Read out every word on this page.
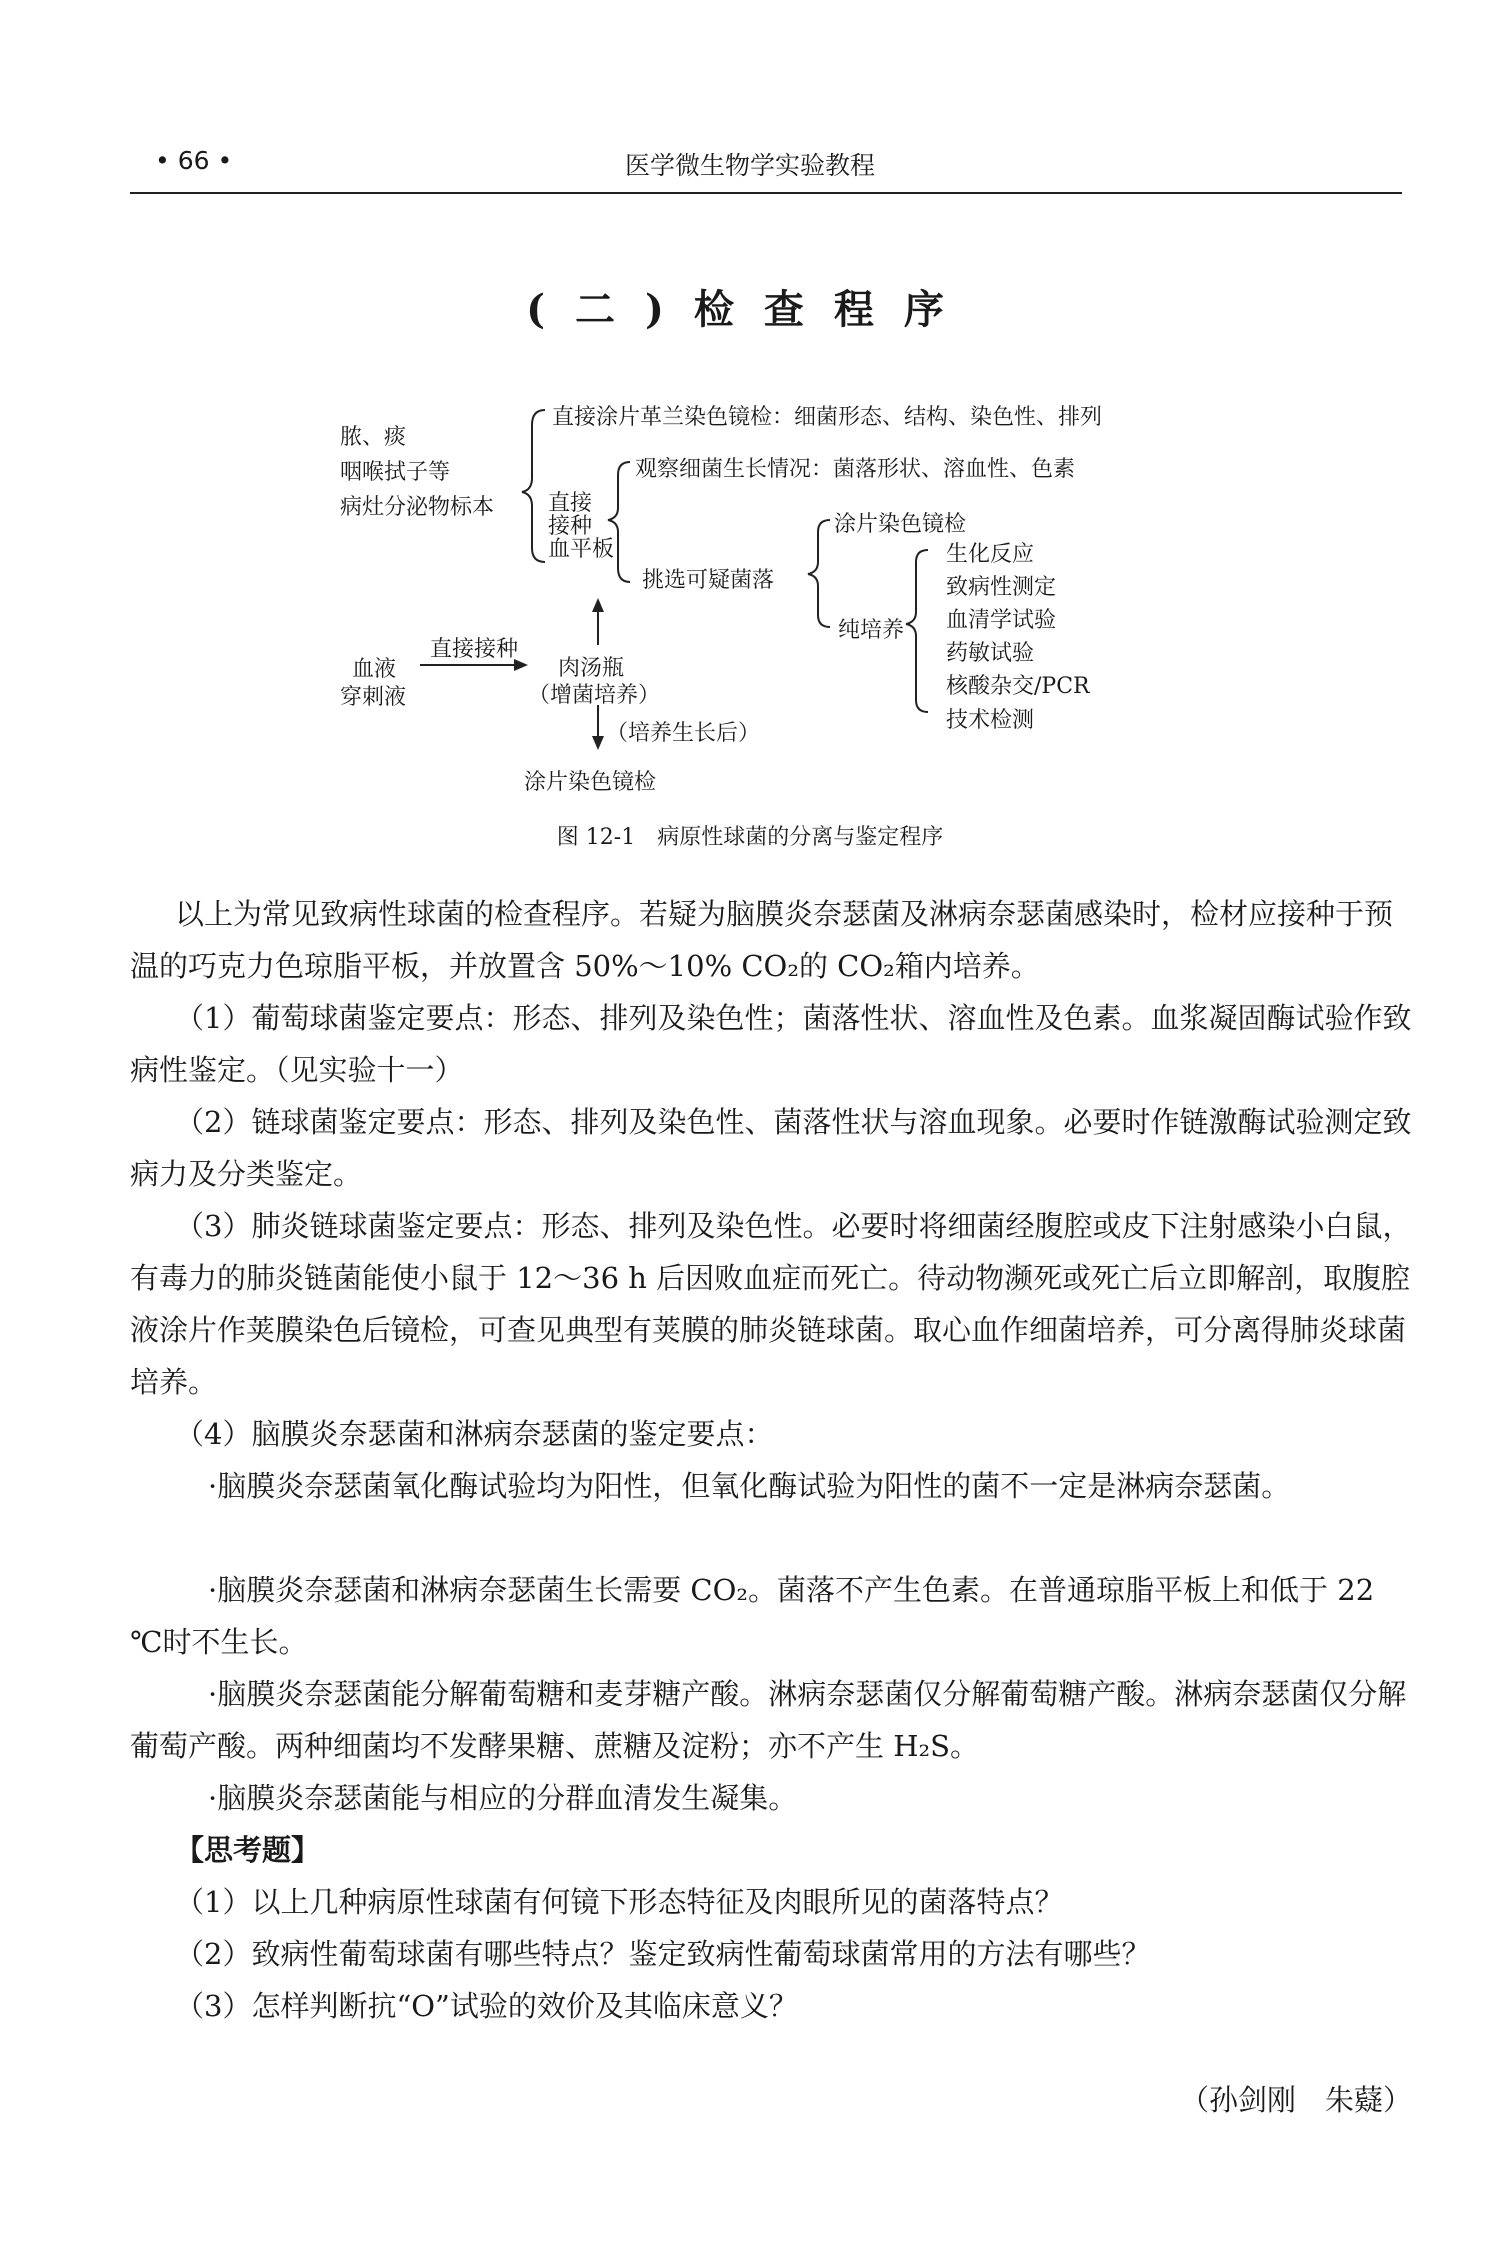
• 66 •	医学微生物学实验教程
(二)检查程序
脓、痰
咽喉拭子等
病灶分泌物标本
直接涂片革兰染色镜检：细菌形态、结构、染色性、排列
直接
接种
血平板
观察细菌生长情况：菌落形状、溶血性、色素
挑选可疑菌落
涂片染色镜检
纯培养
生化反应
致病性测定
血清学试验
药敏试验
核酸杂交/PCR
技术检测
血液
穿刺液
直接接种
肉汤瓶
（增菌培养）
（培养生长后）
涂片染色镜检
图 12-1　病原性球菌的分离与鉴定程序

以上为常见致病性球菌的检查程序。若疑为脑膜炎奈瑟菌及淋病奈瑟菌感染时，检材应接种于预温的巧克力色琼脂平板，并放置含 50%～10% CO₂的 CO₂箱内培养。

（1）葡萄球菌鉴定要点：形态、排列及染色性；菌落性状、溶血性及色素。血浆凝固酶试验作致病性鉴定。（见实验十一）

（2）链球菌鉴定要点：形态、排列及染色性、菌落性状与溶血现象。必要时作链激酶试验测定致病力及分类鉴定。

（3）肺炎链球菌鉴定要点：形态、排列及染色性。必要时将细菌经腹腔或皮下注射感染小白鼠，有毒力的肺炎链菌能使小鼠于 12～36 h 后因败血症而死亡。待动物濒死或死亡后立即解剖，取腹腔液涂片作荚膜染色后镜检，可查见典型有荚膜的肺炎链球菌。取心血作细菌培养，可分离得肺炎球菌培养。

（4）脑膜炎奈瑟菌和淋病奈瑟菌的鉴定要点：

·脑膜炎奈瑟菌氧化酶试验均为阳性，但氧化酶试验为阳性的菌不一定是淋病奈瑟菌。

·脑膜炎奈瑟菌和淋病奈瑟菌生长需要 CO₂。菌落不产生色素。在普通琼脂平板上和低于 22 ℃时不生长。

·脑膜炎奈瑟菌能分解葡萄糖和麦芽糖产酸。淋病奈瑟菌仅分解葡萄糖产酸。淋病奈瑟菌仅分解葡萄产酸。两种细菌均不发酵果糖、蔗糖及淀粉；亦不产生 H₂S。

·脑膜炎奈瑟菌能与相应的分群血清发生凝集。

【思考题】
（1）以上几种病原性球菌有何镜下形态特征及肉眼所见的菌落特点？
（2）致病性葡萄球菌有哪些特点？鉴定致病性葡萄球菌常用的方法有哪些？
（3）怎样判断抗“O”试验的效价及其临床意义？
（孙剑刚　朱薿）
